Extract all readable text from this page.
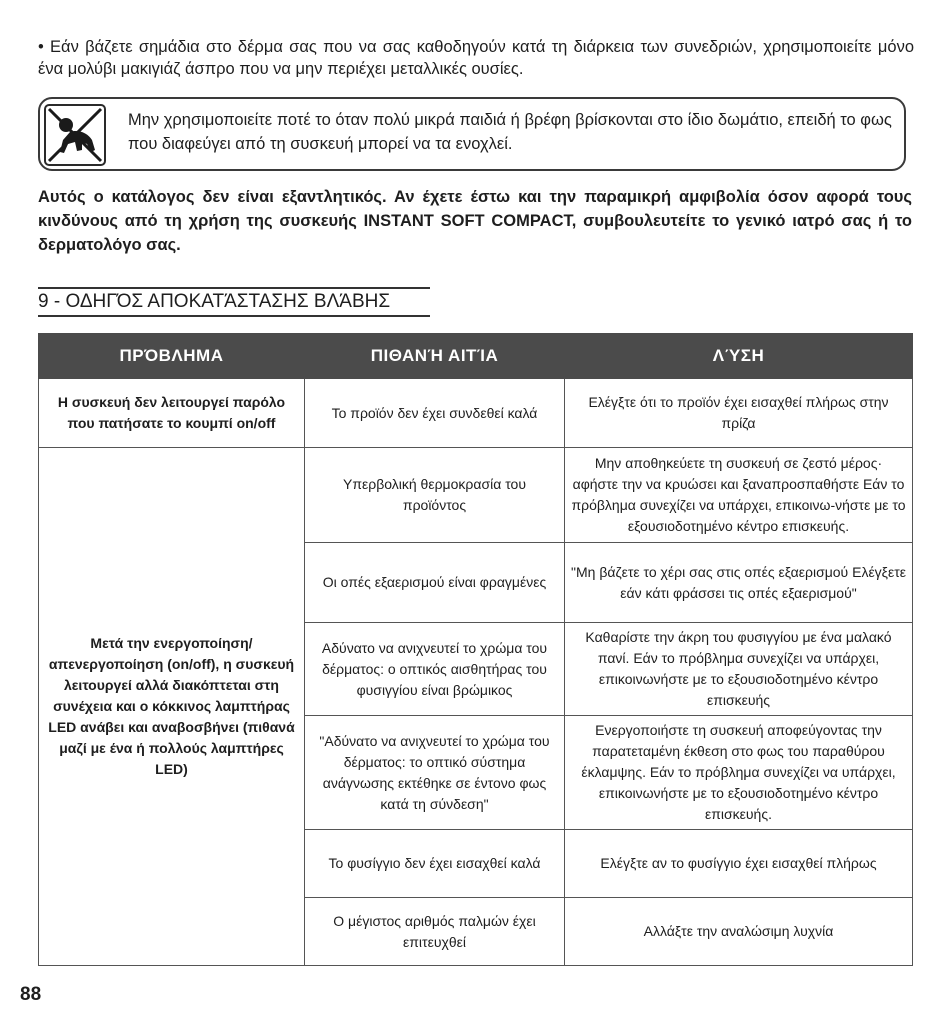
• Εάν βάζετε σημάδια στο δέρμα σας που να σας καθοδηγούν κατά τη διάρκεια των συνεδριών, χρησιμοποιείτε μόνο ένα μολύβι μακιγιάζ άσπρο που να μην περιέχει μεταλλικές ουσίες.
Μην χρησιμοποιείτε ποτέ το όταν πολύ μικρά παιδιά ή βρέφη βρίσκονται στο ίδιο δωμάτιο, επειδή το φως που διαφεύγει από τη συσκευή μπορεί να τα ενοχλεί.
Αυτός ο κατάλογος δεν είναι εξαντλητικός. Αν έχετε έστω και την παραμικρή αμφιβολία όσον αφορά τους κινδύνους από τη χρήση της συσκευής INSTANT SOFT COMPACT, συμβουλευτείτε το γενικό ιατρό σας ή το δερματολόγο σας.
9 - ΟΔΗΓΌΣ ΑΠΟΚΑΤΆΣΤΑΣΗΣ ΒΛΆΒΗΣ
ΠΡΌΒΛΗΜΑ	ΠΙΘΑΝΉ ΑΙΤΊΑ	ΛΎΣΗ
Η συσκευή δεν λειτουργεί παρόλο που πατήσατε το κουμπί on/off	Το προϊόν δεν έχει συνδεθεί καλά	Ελέγξτε ότι το προϊόν έχει εισαχθεί πλήρως στην πρίζα
Μετά την ενεργοποίηση/απενεργοποίηση (on/off), η συσκευή λειτουργεί αλλά διακόπτεται στη συνέχεια και ο κόκκινος λαμπτήρας LED ανάβει και αναβοσβήνει (πιθανά μαζί με ένα ή πολλούς λαμπτήρες LED)	Υπερβολική θερμοκρασία του προϊόντος	Μην αποθηκεύετε τη συσκευή σε ζεστό μέρος· αφήστε την να κρυώσει και ξαναπροσπαθήστε Εάν το πρόβλημα συνεχίζει να υπάρχει, επικοινω-νήστε με το εξουσιοδοτημένο κέντρο επισκευής.
	Οι οπές εξαερισμού είναι φραγμένες	"Μη βάζετε το χέρι σας στις οπές εξαερισμού Ελέγξετε εάν κάτι φράσσει τις οπές εξαερισμού"
	Αδύνατο να ανιχνευτεί το χρώμα του δέρματος: ο οπτικός αισθητήρας του φυσιγγίου είναι βρώμικος	Καθαρίστε την άκρη του φυσιγγίου με ένα μαλακό πανί. Εάν το πρόβλημα συνεχίζει να υπάρχει, επικοινωνήστε με το εξουσιοδοτημένο κέντρο επισκευής
	"Αδύνατο να ανιχνευτεί το χρώμα του δέρματος: το οπτικό σύστημα ανάγνωσης εκτέθηκε σε έντονο φως κατά τη σύνδεση"	Ενεργοποιήστε τη συσκευή αποφεύγοντας την παρατεταμένη έκθεση στο φως του παραθύρου έκλαμψης. Εάν το πρόβλημα συνεχίζει να υπάρχει, επικοινωνήστε με το εξουσιοδοτημένο κέντρο επισκευής.
	Το φυσίγγιο δεν έχει εισαχθεί καλά	Ελέγξτε αν το φυσίγγιο έχει εισαχθεί πλήρως
	Ο μέγιστος αριθμός παλμών έχει επιτευχθεί	Αλλάξτε την αναλώσιμη λυχνία
88
